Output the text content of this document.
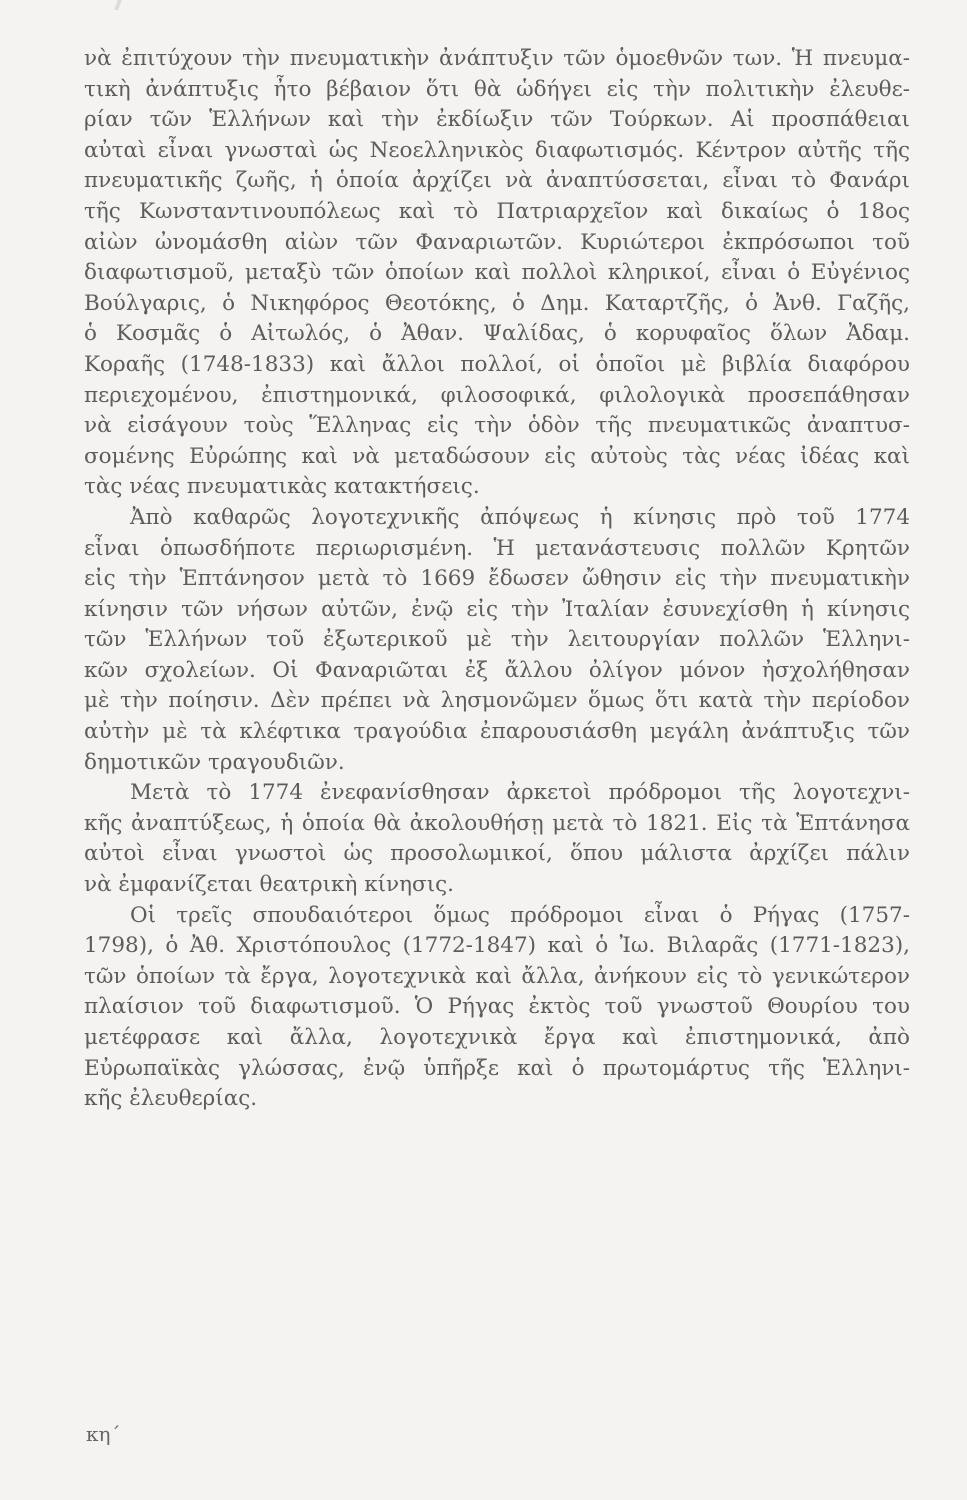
νὰ ἐπιτύχουν τὴν πνευματικὴν ἀνάπτυξιν τῶν ὁμοεθνῶν των. Ἡ πνευμα-
τικὴ ἀνάπτυξις ἦτο βέβαιον ὅτι θὰ ὡδήγει εἰς τὴν πολιτικὴν ἐλευθε-
ρίαν τῶν Ἑλλήνων καὶ τὴν ἐκδίωξιν τῶν Τούρκων. Αἱ προσπάθειαι
αὐταὶ εἶναι γνωσταὶ ὡς Νεοελληνικὸς διαφωτισμός. Κέντρον αὐτῆς τῆς
πνευματικῆς ζωῆς, ἡ ὁποία ἀρχίζει νὰ ἀναπτύσσεται, εἶναι τὸ Φανάρι
τῆς Κωνσταντινουπόλεως καὶ τὸ Πατριαρχεῖον καὶ δικαίως ὁ 18ος
αἰὼν ὠνομάσθη αἰὼν τῶν Φαναριωτῶν. Κυριώτεροι ἐκπρόσωποι τοῦ
διαφωτισμοῦ, μεταξὺ τῶν ὁποίων καὶ πολλοὶ κληρικοί, εἶναι ὁ Εὐγένιος
Βούλγαρις, ὁ Νικηφόρος Θεοτόκης, ὁ Δημ. Καταρτζῆς, ὁ Ἀνθ. Γαζῆς,
ὁ Κοσμᾶς ὁ Αἰτωλός, ὁ Ἀθαν. Ψαλίδας, ὁ κορυφαῖος ὅλων Ἀδαμ.
Κοραῆς (1748-1833) καὶ ἄλλοι πολλοί, οἱ ὁποῖοι μὲ βιβλία διαφόρου
περιεχομένου, ἐπιστημονικά, φιλοσοφικά, φιλολογικὰ προσεπάθησαν
νὰ εἰσάγουν τοὺς Ἕλληνας εἰς τὴν ὁδὸν τῆς πνευματικῶς ἀναπτυσ-
σομένης Εὐρώπης καὶ νὰ μεταδώσουν εἰς αὐτοὺς τὰς νέας ἰδέας καὶ
τὰς νέας πνευματικὰς κατακτήσεις.
Ἀπὸ καθαρῶς λογοτεχνικῆς ἀπόψεως ἡ κίνησις πρὸ τοῦ 1774
εἶναι ὁπωσδήποτε περιωρισμένη. Ἡ μετανάστευσις πολλῶν Κρητῶν
εἰς τὴν Ἑπτάνησον μετὰ τὸ 1669 ἔδωσεν ὤθησιν εἰς τὴν πνευματικὴν
κίνησιν τῶν νήσων αὐτῶν, ἐνῷ εἰς τὴν Ἰταλίαν ἐσυνεχίσθη ἡ κίνησις
τῶν Ἑλλήνων τοῦ ἐξωτερικοῦ μὲ τὴν λειτουργίαν πολλῶν Ἑλληνι-
κῶν σχολείων. Οἱ Φαναριῶται ἐξ ἄλλου ὀλίγον μόνον ἠσχολήθησαν
μὲ τὴν ποίησιν. Δὲν πρέπει νὰ λησμονῶμεν ὅμως ὅτι κατὰ τὴν περίοδον
αὐτὴν μὲ τὰ κλέφτικα τραγούδια ἐπαρουσιάσθη μεγάλη ἀνάπτυξις τῶν
δημοτικῶν τραγουδιῶν.
Μετὰ τὸ 1774 ἐνεφανίσθησαν ἀρκετοὶ πρόδρομοι τῆς λογοτεχνι-
κῆς ἀναπτύξεως, ἡ ὁποία θὰ ἀκολουθήσῃ μετὰ τὸ 1821. Εἰς τὰ Ἑπτάνησα
αὐτοὶ εἶναι γνωστοὶ ὡς προσολωμικοί, ὅπου μάλιστα ἀρχίζει πάλιν
νὰ ἐμφανίζεται θεατρικὴ κίνησις.
Οἱ τρεῖς σπουδαιότεροι ὅμως πρόδρομοι εἶναι ὁ Ρήγας (1757-
1798), ὁ Ἀθ. Χριστόπουλος (1772-1847) καὶ ὁ Ἰω. Βιλαρᾶς (1771-1823),
τῶν ὁποίων τὰ ἔργα, λογοτεχνικὰ καὶ ἄλλα, ἀνήκουν εἰς τὸ γενικώτερον
πλαίσιον τοῦ διαφωτισμοῦ. Ὁ Ρήγας ἐκτὸς τοῦ γνωστοῦ Θουρίου του
μετέφρασε καὶ ἄλλα, λογοτεχνικὰ ἔργα καὶ ἐπιστημονικά, ἀπὸ
Εὐρωπαϊκὰς γλώσσας, ἐνῷ ὑπῆρξε καὶ ὁ πρωτομάρτυς τῆς Ἑλληνι-
κῆς ἐλευθερίας.
κη΄
